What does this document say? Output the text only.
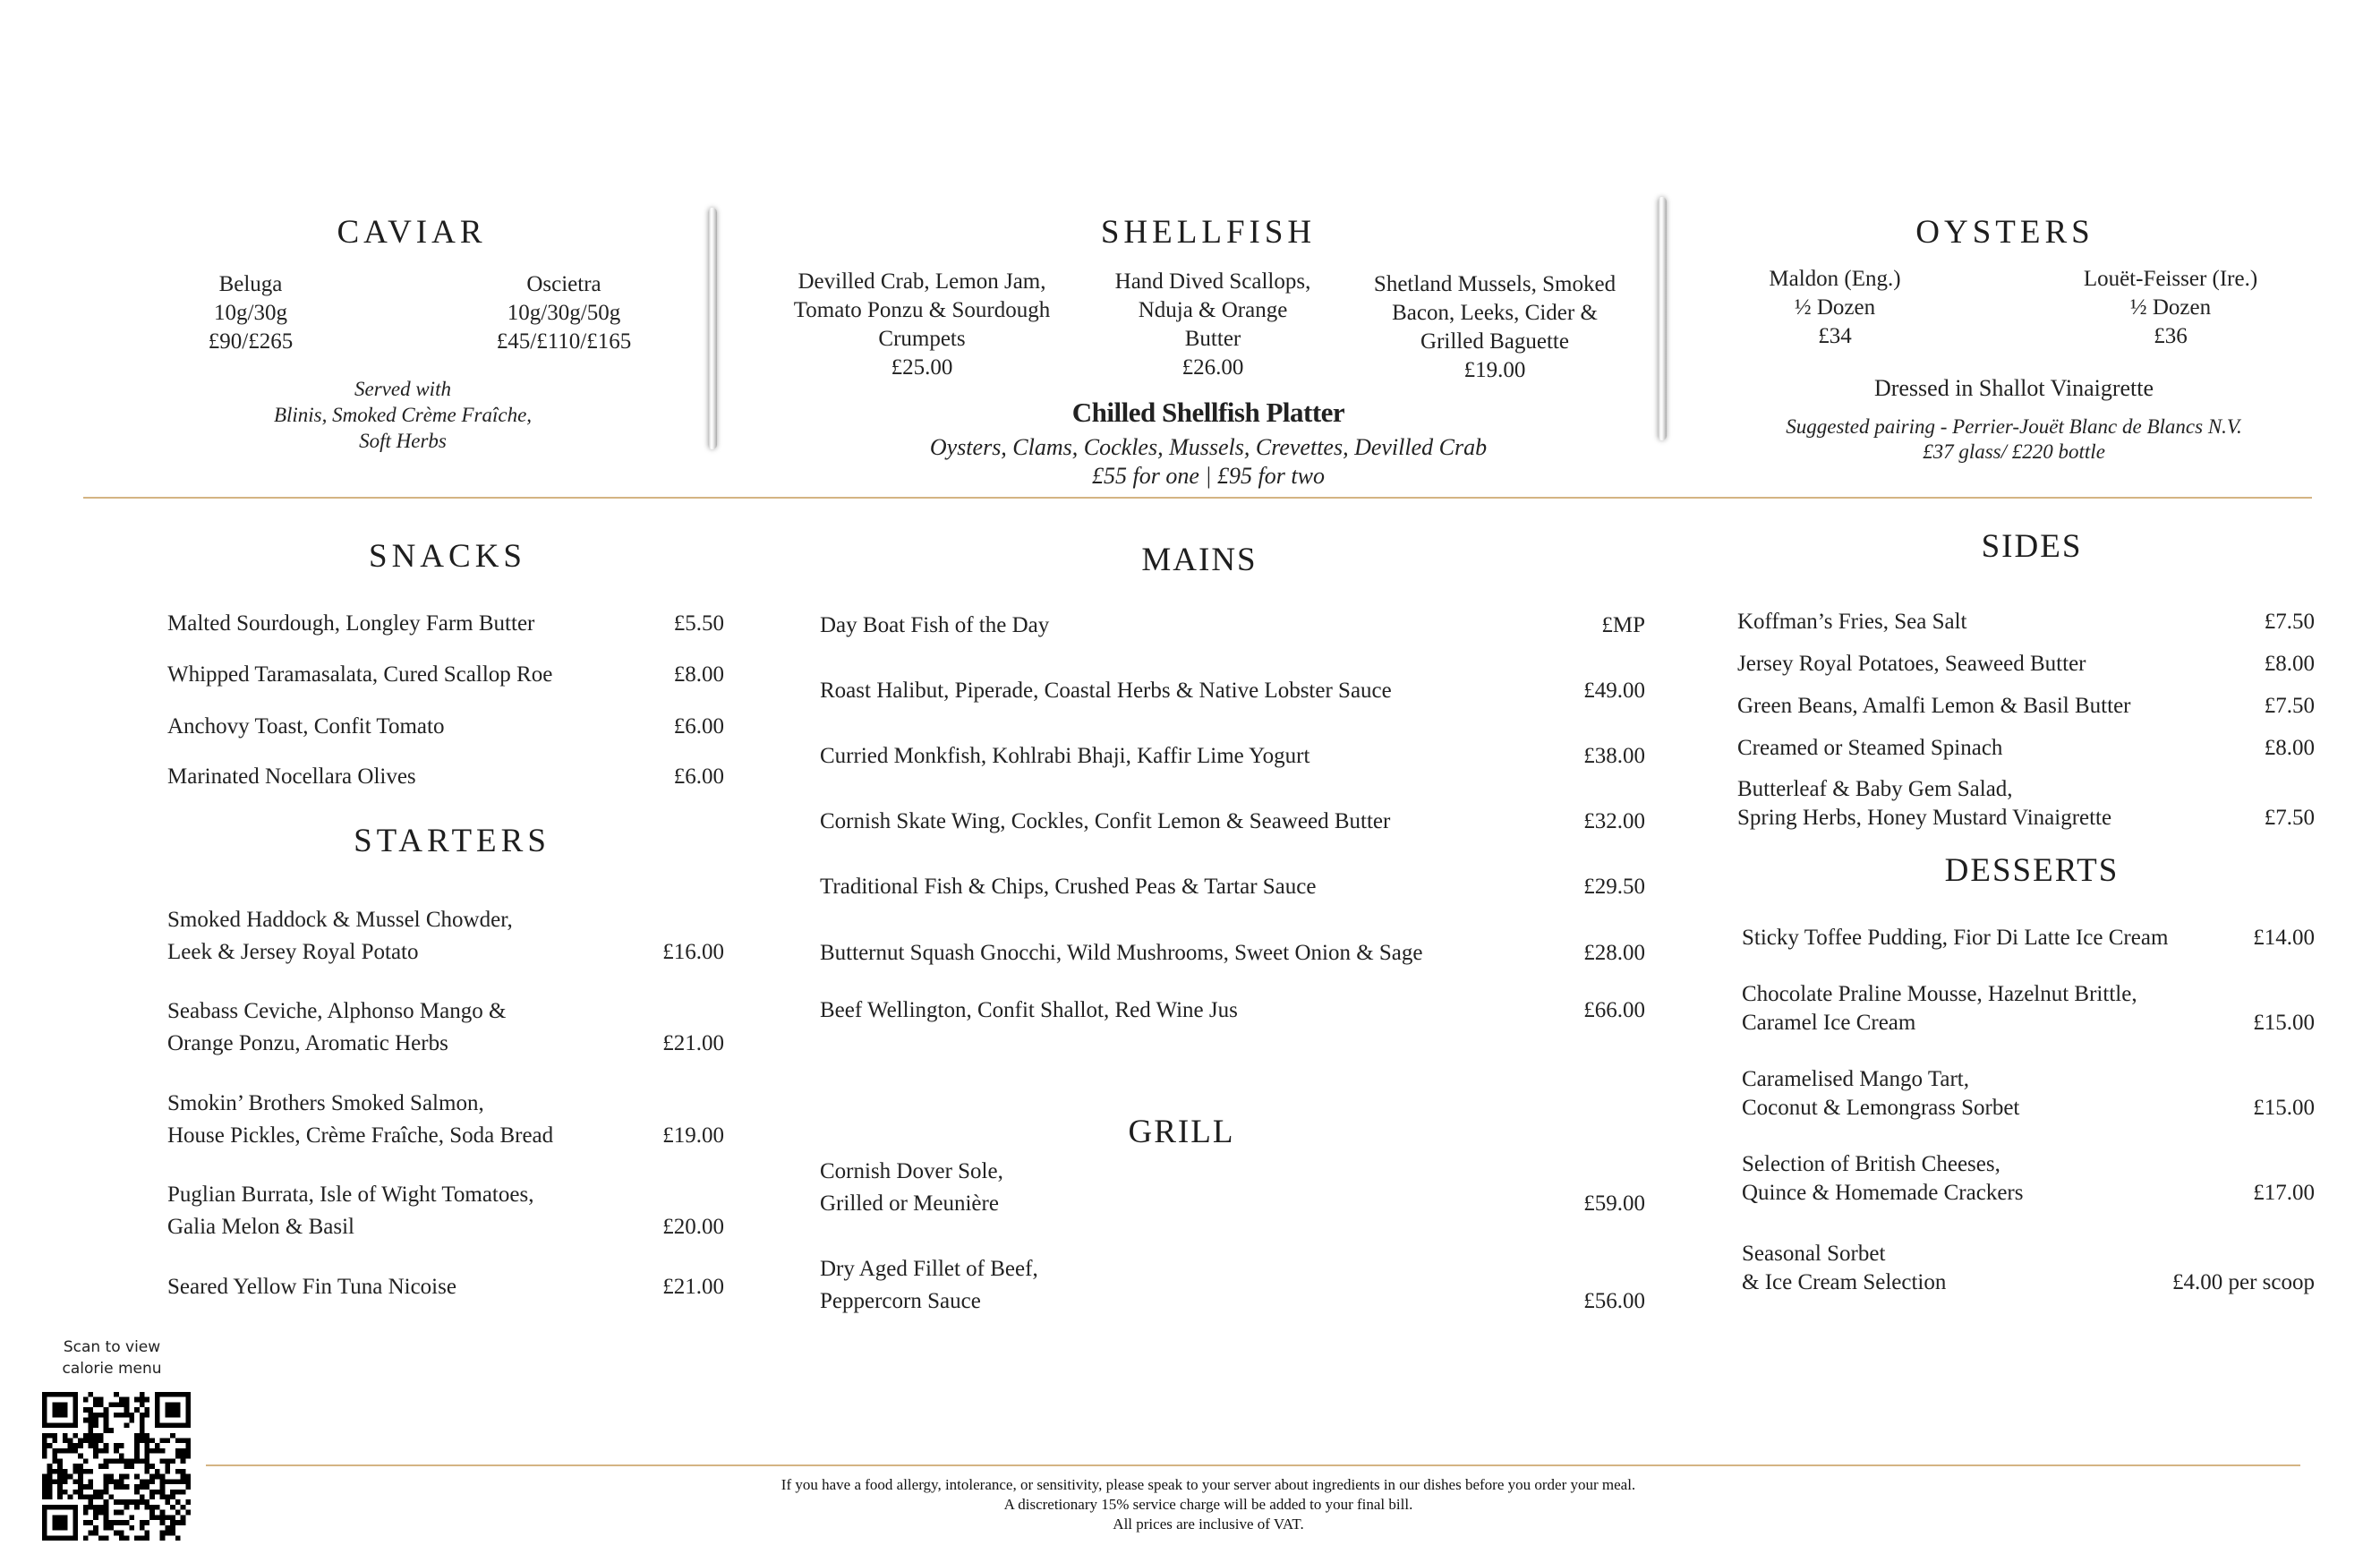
CAVIAR
Beluga
10g/30g
£90/£265
Oscietra
10g/30g/50g
£45/£110/£165
Served with
Blinis, Smoked Crème Fraîche,
Soft Herbs
SHELLFISH
Devilled Crab, Lemon Jam,
Tomato Ponzu & Sourdough
Crumpets
£25.00
Hand Dived Scallops,
Nduja & Orange
Butter
£26.00
Shetland Mussels, Smoked
Bacon, Leeks, Cider &
Grilled Baguette
£19.00
Chilled Shellfish Platter
Oysters, Clams, Cockles, Mussels, Crevettes, Devilled Crab
£55 for one | £95 for two
OYSTERS
Maldon (Eng.)
½ Dozen
£34
Louët-Feisser (Ire.)
½ Dozen
£36
Dressed in Shallot Vinaigrette
Suggested pairing - Perrier-Jouët Blanc de Blancs N.V.
£37 glass/ £220 bottle
SNACKS
Malted Sourdough, Longley Farm Butter	£5.50
Whipped Taramasalata, Cured Scallop Roe	£8.00
Anchovy Toast, Confit Tomato	£6.00
Marinated Nocellara Olives	£6.00
STARTERS
Smoked Haddock & Mussel Chowder,
Leek & Jersey Royal Potato	£16.00
Seabass Ceviche, Alphonso Mango &
Orange Ponzu, Aromatic Herbs	£21.00
Smokin’ Brothers Smoked Salmon,
House Pickles, Crème Fraîche, Soda Bread	£19.00
Puglian Burrata, Isle of Wight Tomatoes,
Galia Melon & Basil	£20.00
Seared Yellow Fin Tuna Nicoise	£21.00
MAINS
Day Boat Fish of the Day	£MP
Roast Halibut, Piperade, Coastal Herbs & Native Lobster Sauce	£49.00
Curried Monkfish, Kohlrabi Bhaji, Kaffir Lime Yogurt	£38.00
Cornish Skate Wing, Cockles, Confit Lemon & Seaweed Butter	£32.00
Traditional Fish & Chips, Crushed Peas & Tartar Sauce	£29.50
Butternut Squash Gnocchi, Wild Mushrooms, Sweet Onion & Sage	£28.00
Beef Wellington, Confit Shallot, Red Wine Jus	£66.00
GRILL
Cornish Dover Sole,
Grilled or Meunière	£59.00
Dry Aged Fillet of Beef,
Peppercorn Sauce	£56.00
SIDES
Koffman’s Fries, Sea Salt	£7.50
Jersey Royal Potatoes, Seaweed Butter	£8.00
Green Beans, Amalfi Lemon & Basil Butter	£7.50
Creamed or Steamed Spinach	£8.00
Butterleaf & Baby Gem Salad,
Spring Herbs, Honey Mustard Vinaigrette	£7.50
DESSERTS
Sticky Toffee Pudding, Fior Di Latte Ice Cream	£14.00
Chocolate Praline Mousse, Hazelnut Brittle,
Caramel Ice Cream	£15.00
Caramelised Mango Tart,
Coconut & Lemongrass Sorbet	£15.00
Selection of British Cheeses,
Quince & Homemade Crackers	£17.00
Seasonal Sorbet
& Ice Cream Selection	£4.00 per scoop
Scan to view
calorie menu
If you have a food allergy, intolerance, or sensitivity, please speak to your server about ingredients in our dishes before you order your meal.
A discretionary 15% service charge will be added to your final bill.
All prices are inclusive of VAT.
